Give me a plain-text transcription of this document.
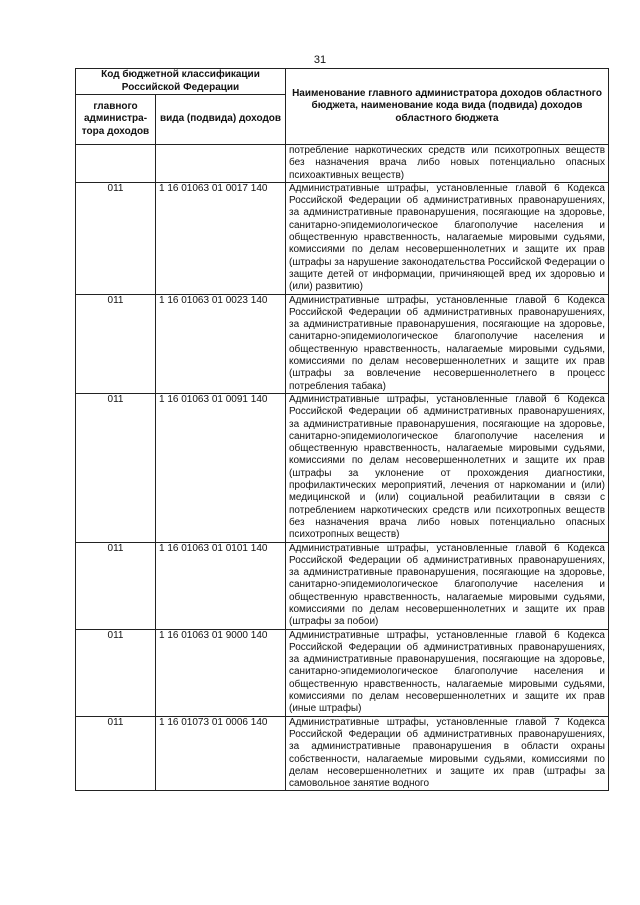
31
Код бюджетной классификации Российской Федерации		Наименование главного администратора доходов областного бюджета, наименование кода вида (подвида) доходов областного бюджета
главного администра-тора доходов	вида (подвида) доходов	
		потребление наркотических средств или психотропных веществ без назначения врача либо новых потенциально опасных психоактивных веществ)
011	1 16 01063 01 0017 140	Административные штрафы, установленные главой 6 Кодекса Российской Федерации об административных правонарушениях, за административные правонарушения, посягающие на здоровье, санитарно-эпидемиологическое благополучие населения и общественную нравственность, налагаемые мировыми судьями, комиссиями по делам несовершеннолетних и защите их прав (штрафы за нарушение законодательства Российской Федерации о защите детей от информации, причиняющей вред их здоровью и (или) развитию)
011	1 16 01063 01 0023 140	Административные штрафы, установленные главой 6 Кодекса Российской Федерации об административных правонарушениях, за административные правонарушения, посягающие на здоровье, санитарно-эпидемиологическое благополучие населения и общественную нравственность, налагаемые мировыми судьями, комиссиями по делам несовершеннолетних и защите их прав (штрафы за вовлечение несовершеннолетнего в процесс потребления табака)
011	1 16 01063 01 0091 140	Административные штрафы, установленные главой 6 Кодекса Российской Федерации об административных правонарушениях, за административные правонарушения, посягающие на здоровье, санитарно-эпидемиологическое благополучие населения и общественную нравственность, налагаемые мировыми судьями, комиссиями по делам несовершеннолетних и защите их прав (штрафы за уклонение от прохождения диагностики, профилактических мероприятий, лечения от наркомании и (или) медицинской и (или) социальной реабилитации в связи с потреблением наркотических средств или психотропных веществ без назначения врача либо новых потенциально опасных психотропных веществ)
011	1 16 01063 01 0101 140	Административные штрафы, установленные главой 6 Кодекса Российской Федерации об административных правонарушениях, за административные правонарушения, посягающие на здоровье, санитарно-эпидемиологическое благополучие населения и общественную нравственность, налагаемые мировыми судьями, комиссиями по делам несовершеннолетних и защите их прав (штрафы за побои)
011	1 16 01063 01 9000 140	Административные штрафы, установленные главой 6 Кодекса Российской Федерации об административных правонарушениях, за административные правонарушения, посягающие на здоровье, санитарно-эпидемиологическое благополучие населения и общественную нравственность, налагаемые мировыми судьями, комиссиями по делам несовершеннолетних и защите их прав (иные штрафы)
011	1 16 01073 01 0006 140	Административные штрафы, установленные главой 7 Кодекса Российской Федерации об административных правонарушениях, за административные правонарушения в области охраны собственности, налагаемые мировыми судьями, комиссиями по делам несовершеннолетних и защите их прав (штрафы за самовольное занятие водного
